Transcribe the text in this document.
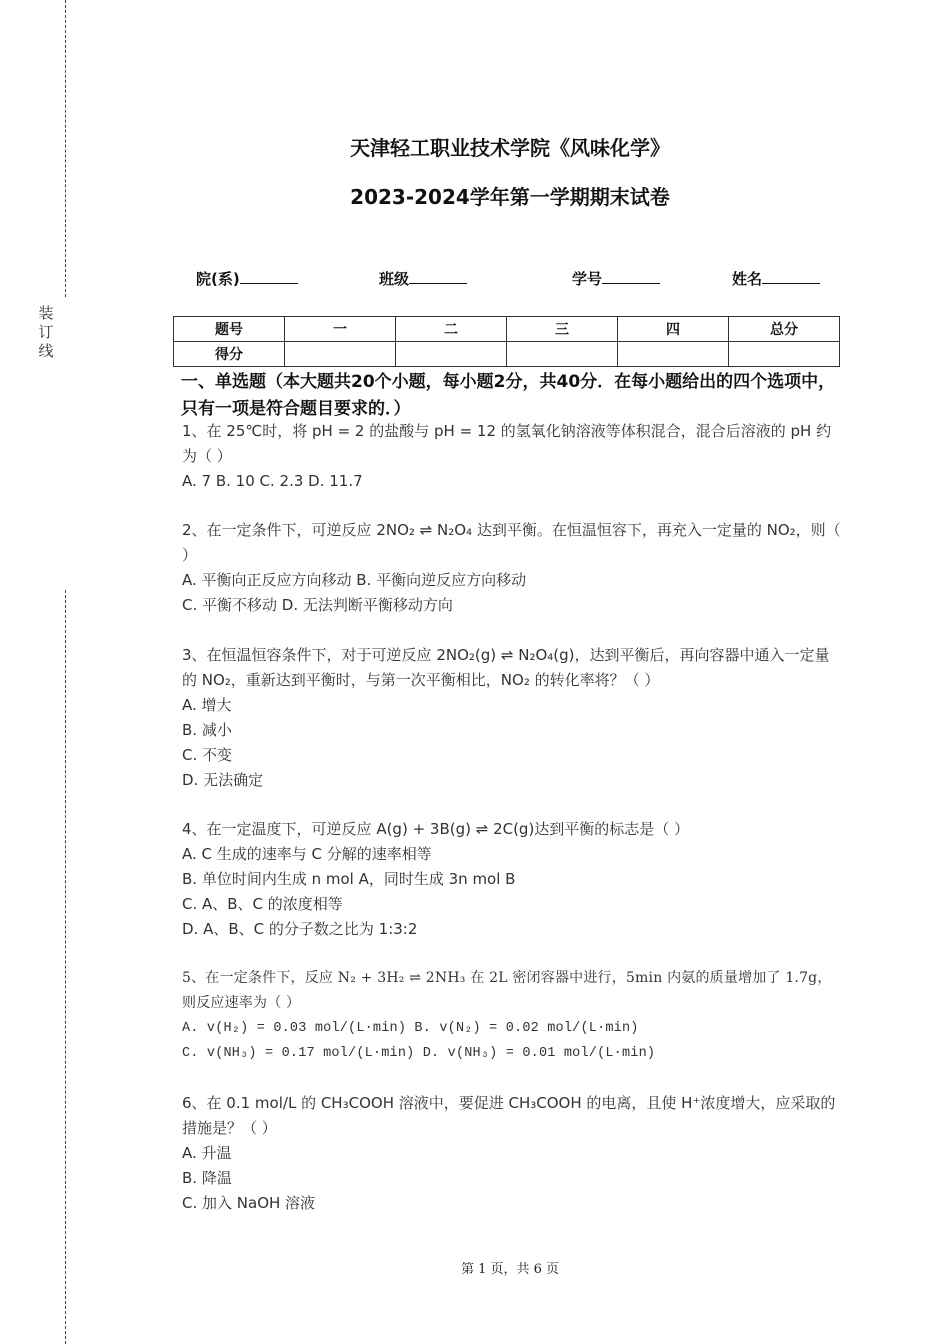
装订线
天津轻工职业技术学院《风味化学》
2023-2024学年第一学期期末试卷
院(系)	班级	学号	姓名
题号	一	二	三	四	总分
得分					
一、单选题（本大题共20个小题，每小题2分，共40分．在每小题给出的四个选项中，只有一项是符合题目要求的．）

1、在 25℃时，将 pH = 2 的盐酸与 pH = 12 的氢氧化钠溶液等体积混合，混合后溶液的 pH 约为（ ）

A. 7 B. 10 C. 2.3 D. 11.7

2、在一定条件下，可逆反应 2NO₂ ⇌ N₂O₄ 达到平衡。在恒温恒容下，再充入一定量的 NO₂，则（ ）

A. 平衡向正反应方向移动 B. 平衡向逆反应方向移动

C. 平衡不移动 D. 无法判断平衡移动方向

3、在恒温恒容条件下，对于可逆反应 2NO₂(g) ⇌ N₂O₄(g)，达到平衡后，再向容器中通入一定量的 NO₂，重新达到平衡时，与第一次平衡相比，NO₂ 的转化率将？（ ）

A. 增大

B. 减小

C. 不变

D. 无法确定

4、在一定温度下，可逆反应 A(g) + 3B(g) ⇌ 2C(g)达到平衡的标志是（ ）

A. C 生成的速率与 C 分解的速率相等

B. 单位时间内生成 n mol A，同时生成 3n mol B

C. A、B、C 的浓度相等

D. A、B、C 的分子数之比为 1:3:2

5、在一定条件下，反应 N₂ + 3H₂ ⇌ 2NH₃ 在 2L 密闭容器中进行，5min 内氨的质量增加了 1.7g，则反应速率为（ ）

A. v(H₂) = 0.03 mol/(L·min) B. v(N₂) = 0.02 mol/(L·min)

C. v(NH₃) = 0.17 mol/(L·min) D. v(NH₃) = 0.01 mol/(L·min)

6、在 0.1 mol/L 的 CH₃COOH 溶液中，要促进 CH₃COOH 的电离，且使 H⁺浓度增大，应采取的措施是？（ ）

A. 升温

B. 降温

C. 加入 NaOH 溶液

第 1 页，共 6 页
